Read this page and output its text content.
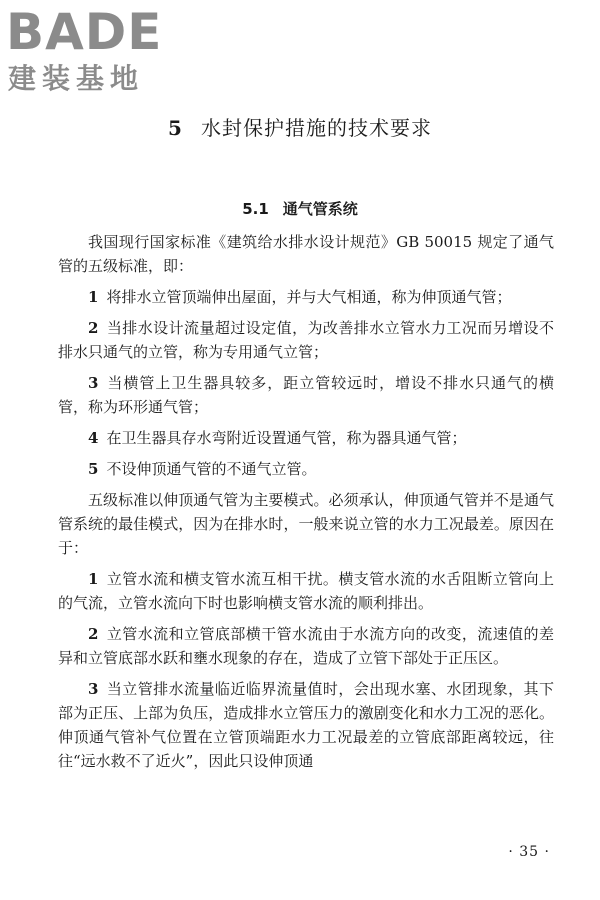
BADE
建装基地
5 水封保护措施的技术要求
5.1 通气管系统

我国现行国家标准《建筑给水排水设计规范》GB 50015 规定了通气管的五级标准，即：

1 将排水立管顶端伸出屋面，并与大气相通，称为伸顶通气管；

2 当排水设计流量超过设定值，为改善排水立管水力工况而另增设不排水只通气的立管，称为专用通气立管；

3 当横管上卫生器具较多，距立管较远时，增设不排水只通气的横管，称为环形通气管；

4 在卫生器具存水弯附近设置通气管，称为器具通气管；

5 不设伸顶通气管的不通气立管。

五级标准以伸顶通气管为主要模式。必须承认，伸顶通气管并不是通气管系统的最佳模式，因为在排水时，一般来说立管的水力工况最差。原因在于：

1 立管水流和横支管水流互相干扰。横支管水流的水舌阻断立管向上的气流，立管水流向下时也影响横支管水流的顺利排出。

2 立管水流和立管底部横干管水流由于水流方向的改变，流速值的差异和立管底部水跃和壅水现象的存在，造成了立管下部处于正压区。

3 当立管排水流量临近临界流量值时，会出现水塞、水团现象，其下部为正压、上部为负压，造成排水立管压力的激剧变化和水力工况的恶化。伸顶通气管补气位置在立管顶端距水力工况最差的立管底部距离较远，往往“远水救不了近火”，因此只设伸顶通

· 35 ·
